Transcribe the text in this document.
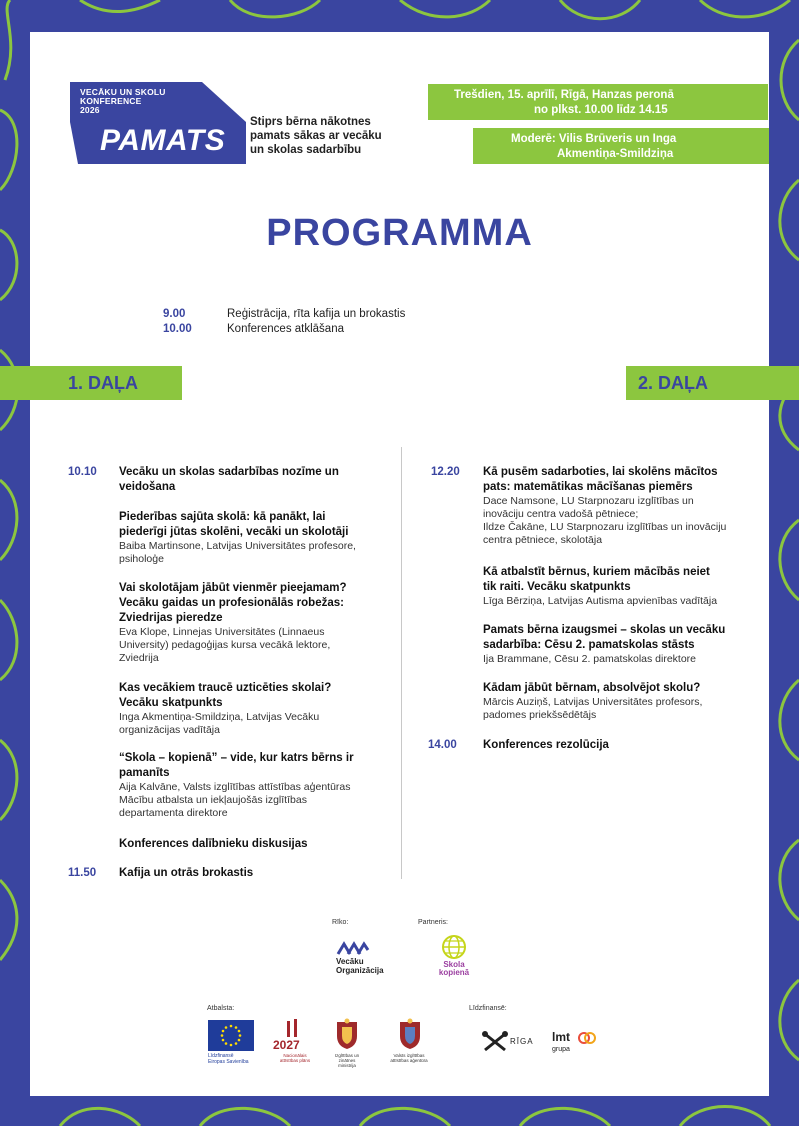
VECĀKU UN SKOLU
KONFERENCE
2026
PAMATS
Stiprs bērna nākotnes
pamats sākas ar vecāku
un skolas sadarbību
Trešdien, 15. aprīlī, Rīgā, Hanzas peronā
no plkst. 10.00 līdz 14.15
Moderē: Vilis Brūveris un Inga
Akmentiņa-Smildziņa
PROGRAMMA
9.00	Reģistrācija, rīta kafija un brokastis
10.00	Konferences atklāšana
1. DAĻA	2. DAĻA
10.10 Vecāku un skolas sadarbības nozīme un

veidošana

Piederības sajūta skolā: kā panākt, lai

piederīgi jūtas skolēni, vecāki un skolotāji

Baiba Martinsone, Latvijas Universitātes profesore,

psiholoģe

Vai skolotājam jābūt vienmēr pieejamam?

Vecāku gaidas un profesionālās robežas:

Zviedrijas pieredze

Eva Klope, Linnejas Universitātes (Linnaeus

University) pedagoģijas kursa vecākā lektore,

Zviedrija

Kas vecākiem traucē uzticēties skolai?

Vecāku skatpunkts

Inga Akmentiņa-Smildziņa, Latvijas Vecāku

organizācijas vadītāja

“Skola – kopienā” – vide, kur katrs bērns ir

pamanīts

Aija Kalvāne, Valsts izglītības attīstības aģentūras

Mācību atbalsta un iekļaujošās izglītības

departamenta direktore

Konferences dalībnieku diskusijas

11.50 Kafija un otrās brokastis

12.20 Kā pusēm sadarboties, lai skolēns mācītos

pats: matemātikas mācīšanas piemērs

Dace Namsone, LU Starpnozaru izglītības un

inovāciju centra vadošā pētniece;

Ildze Čakāne, LU Starpnozaru izglītības un inovāciju

centra pētniece, skolotāja

Kā atbalstīt bērnus, kuriem mācībās neiet

tik raiti. Vecāku skatpunkts

Līga Bērziņa, Latvijas Autisma apvienības vadītāja

Pamats bērna izaugsmei – skolas un vecāku

sadarbība: Cēsu 2. pamatskolas stāsts

Ija Brammane, Cēsu 2. pamatskolas direktore

Kādam jābūt bērnam, absolvējot skolu?

Mārcis Auziņš, Latvijas Universitātes profesors,

padomes priekšsēdētājs

14.00 Konferences rezolūcija

Rīko:	Partneris:
Vecāku
Organizācija
Skola
kopienā
Atbalsta:	Līdzfinansē:
Līdzfinansē
Eiropas Savienība
2027
Nacionālais
attīstības plāns
Izglītības un zinātnes
ministrija
Valsts izglītības
attīstības aģentūra
RĪGA lmt
grupa
